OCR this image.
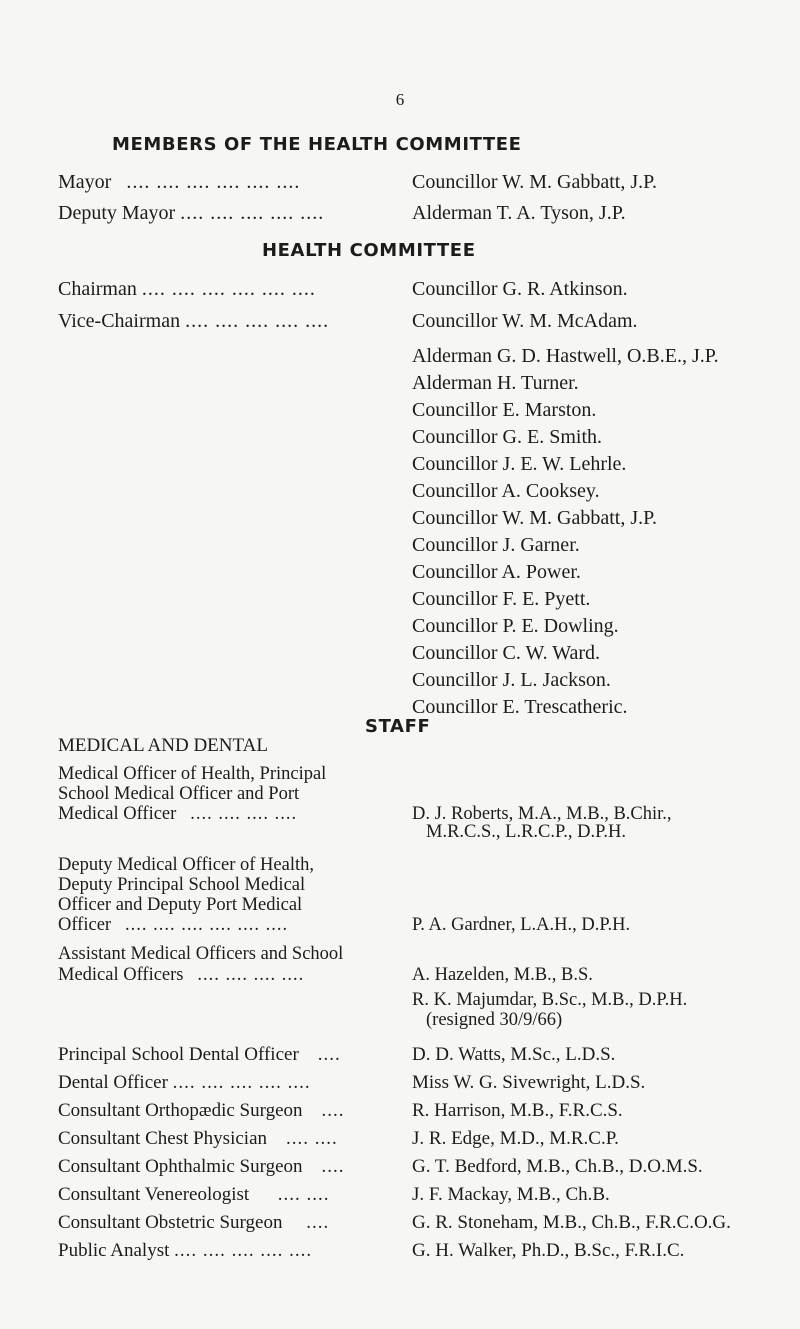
6
MEMBERS OF THE HEALTH COMMITTEE
Mayor .... .... .... .... .... ....	Councillor W. M. Gabbatt, J.P.
Deputy Mayor .... .... .... .... ....	Alderman T. A. Tyson, J.P.
HEALTH COMMITTEE
Chairman .... .... .... .... .... ....	Councillor G. R. Atkinson.
Vice-Chairman .... .... .... .... ....	Councillor W. M. McAdam.
Alderman G. D. Hastwell, O.B.E., J.P.
Alderman H. Turner.
Councillor E. Marston.
Councillor G. E. Smith.
Councillor J. E. W. Lehrle.
Councillor A. Cooksey.
Councillor W. M. Gabbatt, J.P.
Councillor J. Garner.
Councillor A. Power.
Councillor F. E. Pyett.
Councillor P. E. Dowling.
Councillor C. W. Ward.
Councillor J. L. Jackson.
Councillor E. Trescatheric.
STAFF
MEDICAL AND DENTAL
Medical Officer of Health, Principal
School Medical Officer and Port
Medical Officer .... .... .... ....	D. J. Roberts, M.A., M.B., B.Chir.,
M.R.C.S., L.R.C.P., D.P.H.
Deputy Medical Officer of Health,
Deputy Principal School Medical
Officer and Deputy Port Medical
Officer .... .... .... .... .... ....	P. A. Gardner, L.A.H., D.P.H.
Assistant Medical Officers and School
Medical Officers .... .... .... ....	A. Hazelden, M.B., B.S.
R. K. Majumdar, B.Sc., M.B., D.P.H.
(resigned 30/9/66)
Principal School Dental Officer ....	D. D. Watts, M.Sc., L.D.S.
Dental Officer .... .... .... .... ....	Miss W. G. Sivewright, L.D.S.
Consultant Orthopædic Surgeon ....	R. Harrison, M.B., F.R.C.S.
Consultant Chest Physician .... ....	J. R. Edge, M.D., M.R.C.P.
Consultant Ophthalmic Surgeon ....	G. T. Bedford, M.B., Ch.B., D.O.M.S.
Consultant Venereologist .... ....	J. F. Mackay, M.B., Ch.B.
Consultant Obstetric Surgeon ....	G. R. Stoneham, M.B., Ch.B., F.R.C.O.G.
Public Analyst .... .... .... .... ....	G. H. Walker, Ph.D., B.Sc., F.R.I.C.
